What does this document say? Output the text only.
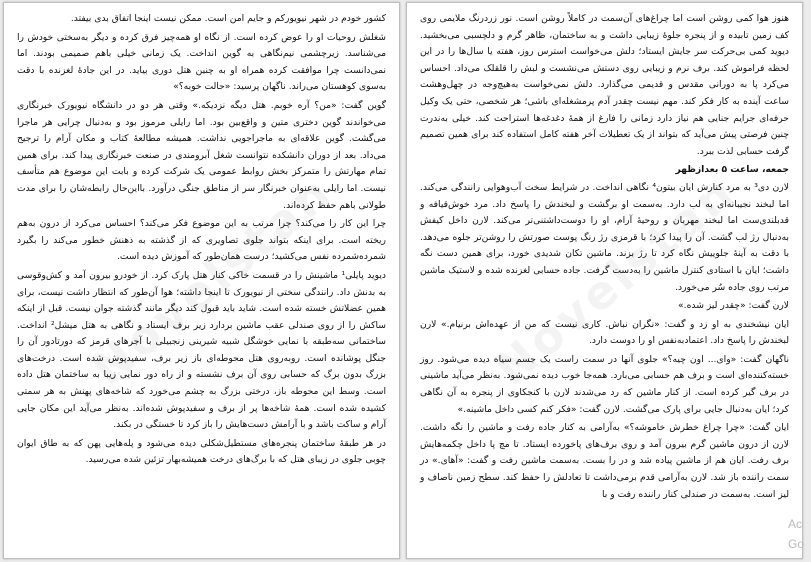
کشور خودم در شهر نیویورکم و جایم امن است. ممکن نیست اینجا اتفاق بدی بیفتد.

شغلش روحیات او را عوض کرده است. از نگاه او همه‌چیز فرق کرده و دیگر به‌سختی خودش را می‌شناسد. زیرچشمی نیم‌نگاهی به گوین انداخت. یک زمانی خیلی باهم صمیمی بودند. اما نمی‌دانست چرا موافقت کرده همراه او به چنین هتل دوری بیاید. در این جادهٔ لغزنده با دقت به‌سوی کوهستان می‌راند. ناگهان پرسید: «حالت خوبه؟»

گوین گفت: «من؟ آره خوبم. هتل دیگه نزدیکه.» وقتی هر دو در دانشگاه نیویورک خبرنگاری می‌خواندند گوین دختری متین و واقع‌بین بود. اما رایلی مرموز بود و به‌دنبال چرایی هر ماجرا می‌گشت. گوین علاقه‌ای به ماجراجویی نداشت. همیشه مطالعهٔ کتاب و مکان آرام را ترجیح می‌داد. بعد از دوران دانشکده نتوانست شغل آبرومندی در صنعت خبرنگاری پیدا کند. برای همین تمام مهارتش را متمرکز بخش روابط عمومی یک شرکت کرده و بابت این موضوع هم متأسف نیست. اما رایلی به‌عنوان خبرنگار سر از مناطق جنگی درآورد. بااین‌حال رابطه‌شان را برای مدت طولانی باهم حفظ کرده‌اند.

چرا این کار را می‌کند؟ چرا مرتب به این موضوع فکر می‌کند؟ احساس می‌کرد از درون به‌هم ریخته است. برای اینکه بتواند جلوی تصاویری که از گذشته به ذهنش خطور می‌کند را بگیرد شمرده‌شمرده نفس می‌کشید؛ درست همان‌طور که آموزش دیده است.

دیوید پایلی¹ ماشینش را در قسمت خاکی کنار هتل پارک کرد. از خودرو بیرون آمد و کش‌وقوسی به بدنش داد. رانندگی سختی از نیویورک تا اینجا داشته؛ هوا آن‌طور که انتظار داشت نیست، برای همین عضلاتش خسته شده است. شاید باید قبول کند دیگر مانند گذشته جوان نیست. قبل از اینکه ساکش را از روی صندلی عقب ماشین بردارد زیر برف ایستاد و نگاهی به هتل میشل² انداخت. ساختمانی سه‌طبقه با نمایی خوشگل شبیه شیرینی زنجبیلی با آجرهای قرمز که دورتادور آن را جنگل پوشانده است. روبه‌روی هتل محوطه‌ای باز زیر برف، سفیدپوش شده است. درخت‌های بزرگ بدون برگ که حسابی روی آن برف نشسته و از راه دور نمایی زیبا به ساختمان هتل داده است. وسط این محوطه باز، درختی بزرگ به چشم می‌خورد که شاخه‌های پهنش به هر سمتی کشیده شده است. همهٔ شاخه‌ها پر از برف و سفیدپوش شده‌اند. به‌نظر می‌آید این مکان جایی آرام و ساکت باشد و با آرامش دست‌هایش را باز کرد تا خستگی در بکند.

در هر طبقهٔ ساختمان پنجره‌های مستطیل‌شکلی دیده می‌شود و پله‌هایی پهن که به طاق ایوان چوبی جلوی در زیبای هتل که با برگ‌های درخت همیشه‌بهار تزئین شده می‌رسید.

هنوز هوا کمی روشن است اما چراغ‌های آن‌سمت در کاملاً روشن است. نور زردرنگ ملایمی روی کف زمین تابیده و از پنجره جلوهٔ زیبایی داشت و به ساختمان، ظاهر گرم و دلچسبی می‌بخشید. دیوید کمی بی‌حرکت سر جایش ایستاد؛ دلش می‌خواست استرس روز، هفته یا سال‌ها را در این لحظه فراموش کند. برف نرم و زیبایی روی دستش می‌نشست و لبش را قلقلک می‌داد. احساس می‌کرد پا به دورانی مقدس و قدیمی می‌گذارد. دلش نمی‌خواست به‌هیچ‌وجه در چهل‌وهشت ساعت آینده به کار فکر کند. مهم نیست چقدر آدم پرمشغله‌ای باشی؛ هر شخصی، حتی یک وکیل حرفه‌ای جرایم جنایی هم نیاز دارد زمانی را فارغ از همهٔ دغدغه‌ها استراحت کند. خیلی به‌ندرت چنین فرصتی پیش می‌آید که بتواند از یک تعطیلات آخر هفته کامل استفاده کند برای همین تصمیم گرفت حسابی لذت ببرد.

جمعه، ساعت ۵ بعدازظهر

لارن دی³ به مرد کنارش ایان بیتون⁴ نگاهی انداخت. در شرایط سخت آب‌وهوایی رانندگی می‌کند. اما لبخند نجیبانه‌ای به لب دارد. به‌سمت او برگشت و لبخندش را پاسخ داد. مرد خوش‌قیافه و قدبلندی‌ست اما لبخند مهربان و روحیهٔ آرام، او را دوست‌داشتنی‌تر می‌کند. لارن داخل کیفش به‌دنبال رژ لب گشت. آن را پیدا کرد؛ با قرمزی رژ رنگ پوست صورتش را روشن‌تر جلوه می‌دهد. با دقت به آینهٔ جلوییش نگاه کرد تا رژ بزند. ماشین تکان شدیدی خورد، برای همین دست نگه داشت؛ ایان با استادی کنترل ماشین را به‌دست گرفت. جاده حسابی لغزنده شده و لاستیک ماشین مرتب روی جاده سُر می‌خورد.

لارن گفت: «چقدر لیز شده.»

ایان نیشخندی به او زد و گفت: «نگران نباش. کاری نیست که من از عهده‌اش برنیام.» لارن لبخندش را پاسخ داد. اعتمادبه‌نفس او را دوست دارد.

ناگهان گفت: «وای... اون چیه؟» جلوی آنها در سمت راست یک جسم سیاه دیده می‌شود. روز خسته‌کننده‌ای است و برف هم حسابی می‌بارد. همه‌جا خوب دیده نمی‌شود. به‌نظر می‌آید ماشینی در برف گیر کرده است. از کنار ماشین که رد می‌شدند لارن با کنجکاوی از پنجره به آن نگاهی کرد؛ ایان به‌دنبال جایی برای پارک می‌گشت. لارن گفت: «فکر کنم کسی داخل ماشینه.»

ایان گفت: «چرا چراغ خطرش خاموشه؟» به‌آرامی به کنار جاده رفت و ماشین را نگه داشت. لارن از درون ماشین گرم بیرون آمد و روی برف‌های پاخورده ایستاد. تا مچ پا داخل چکمه‌هایش برف رفت. ایان هم از ماشین پیاده شد و در را بست. به‌سمت ماشین رفت و گفت: «آهای.» در سمت راننده باز شد. لارن به‌آرامی قدم برمی‌داشت تا تعادلش را حفظ کند. سطح زمین ناصاف و لیز است. به‌سمت در صندلی کنار راننده رفت و با

Ac
Go
